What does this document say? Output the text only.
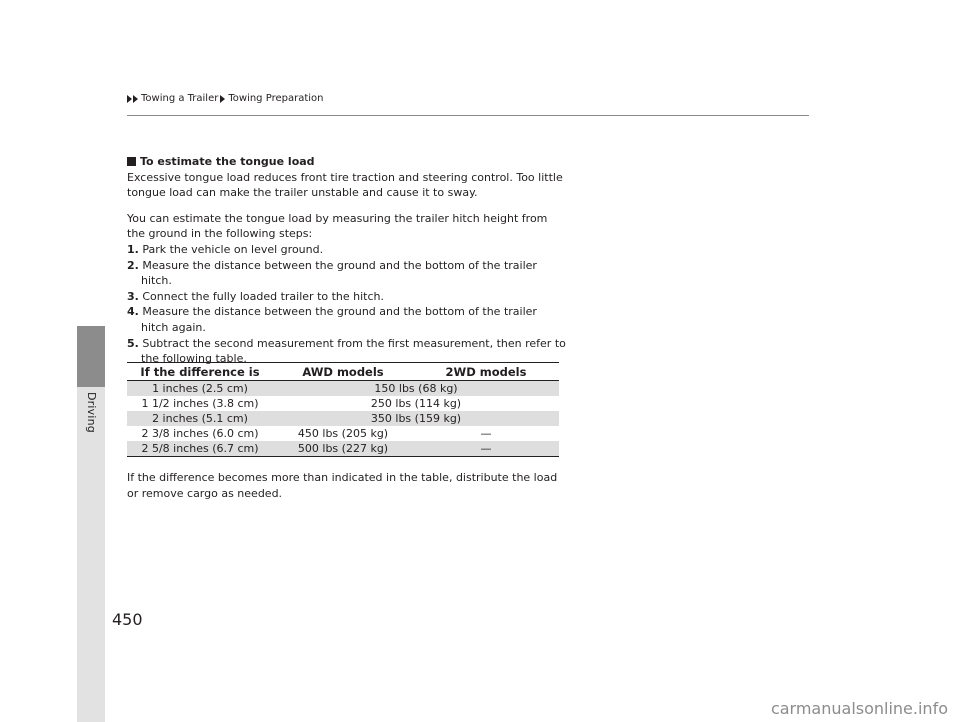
Towing a Trailer Towing Preparation
Driving
450
To estimate the tongue load

Excessive tongue load reduces front tire traction and steering control. Too little tongue load can make the trailer unstable and cause it to sway.

You can estimate the tongue load by measuring the trailer hitch height from the ground in the following steps:

1. Park the vehicle on level ground.
2. Measure the distance between the ground and the bottom of the trailer hitch.
3. Connect the fully loaded trailer to the hitch.
4. Measure the distance between the ground and the bottom of the trailer hitch again.
5. Subtract the second measurement from the first measurement, then refer to the following table.
If the difference is	AWD models	2WD models
1 inches (2.5 cm)	150 lbs (68 kg)	
1 1/2 inches (3.8 cm)	250 lbs (114 kg)	
2 inches (5.1 cm)	350 lbs (159 kg)	
2 3/8 inches (6.0 cm)	450 lbs (205 kg)	—
2 5/8 inches (6.7 cm)	500 lbs (227 kg)	—

If the difference becomes more than indicated in the table, distribute the load or remove cargo as needed.

carmanualsonline.info
